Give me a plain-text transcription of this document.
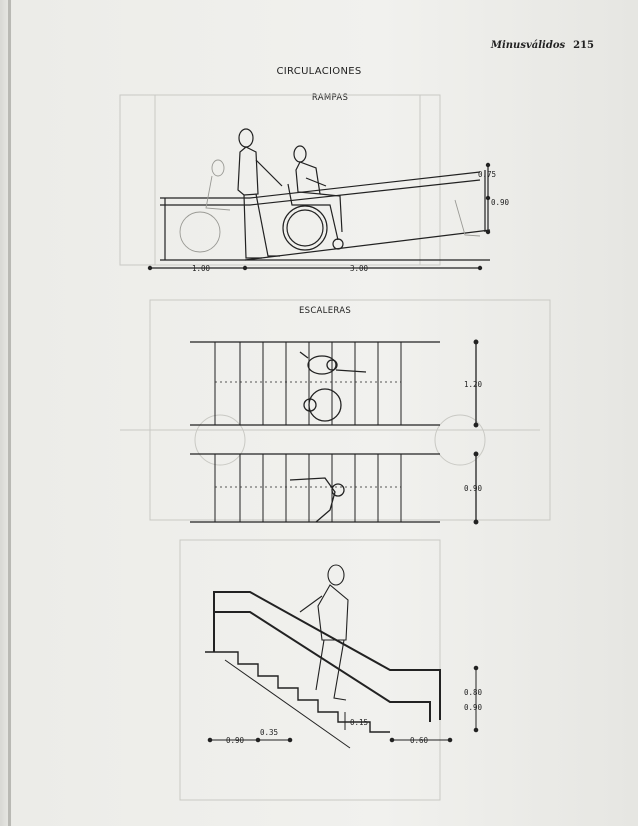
Minusválidos 215
CIRCULACIONES
RAMPAS
ESCALERAS
1.00	3.00
0.75
0.90
1.20
0.90
0.80
0.90
0.15
0.90
0.35
0.60
